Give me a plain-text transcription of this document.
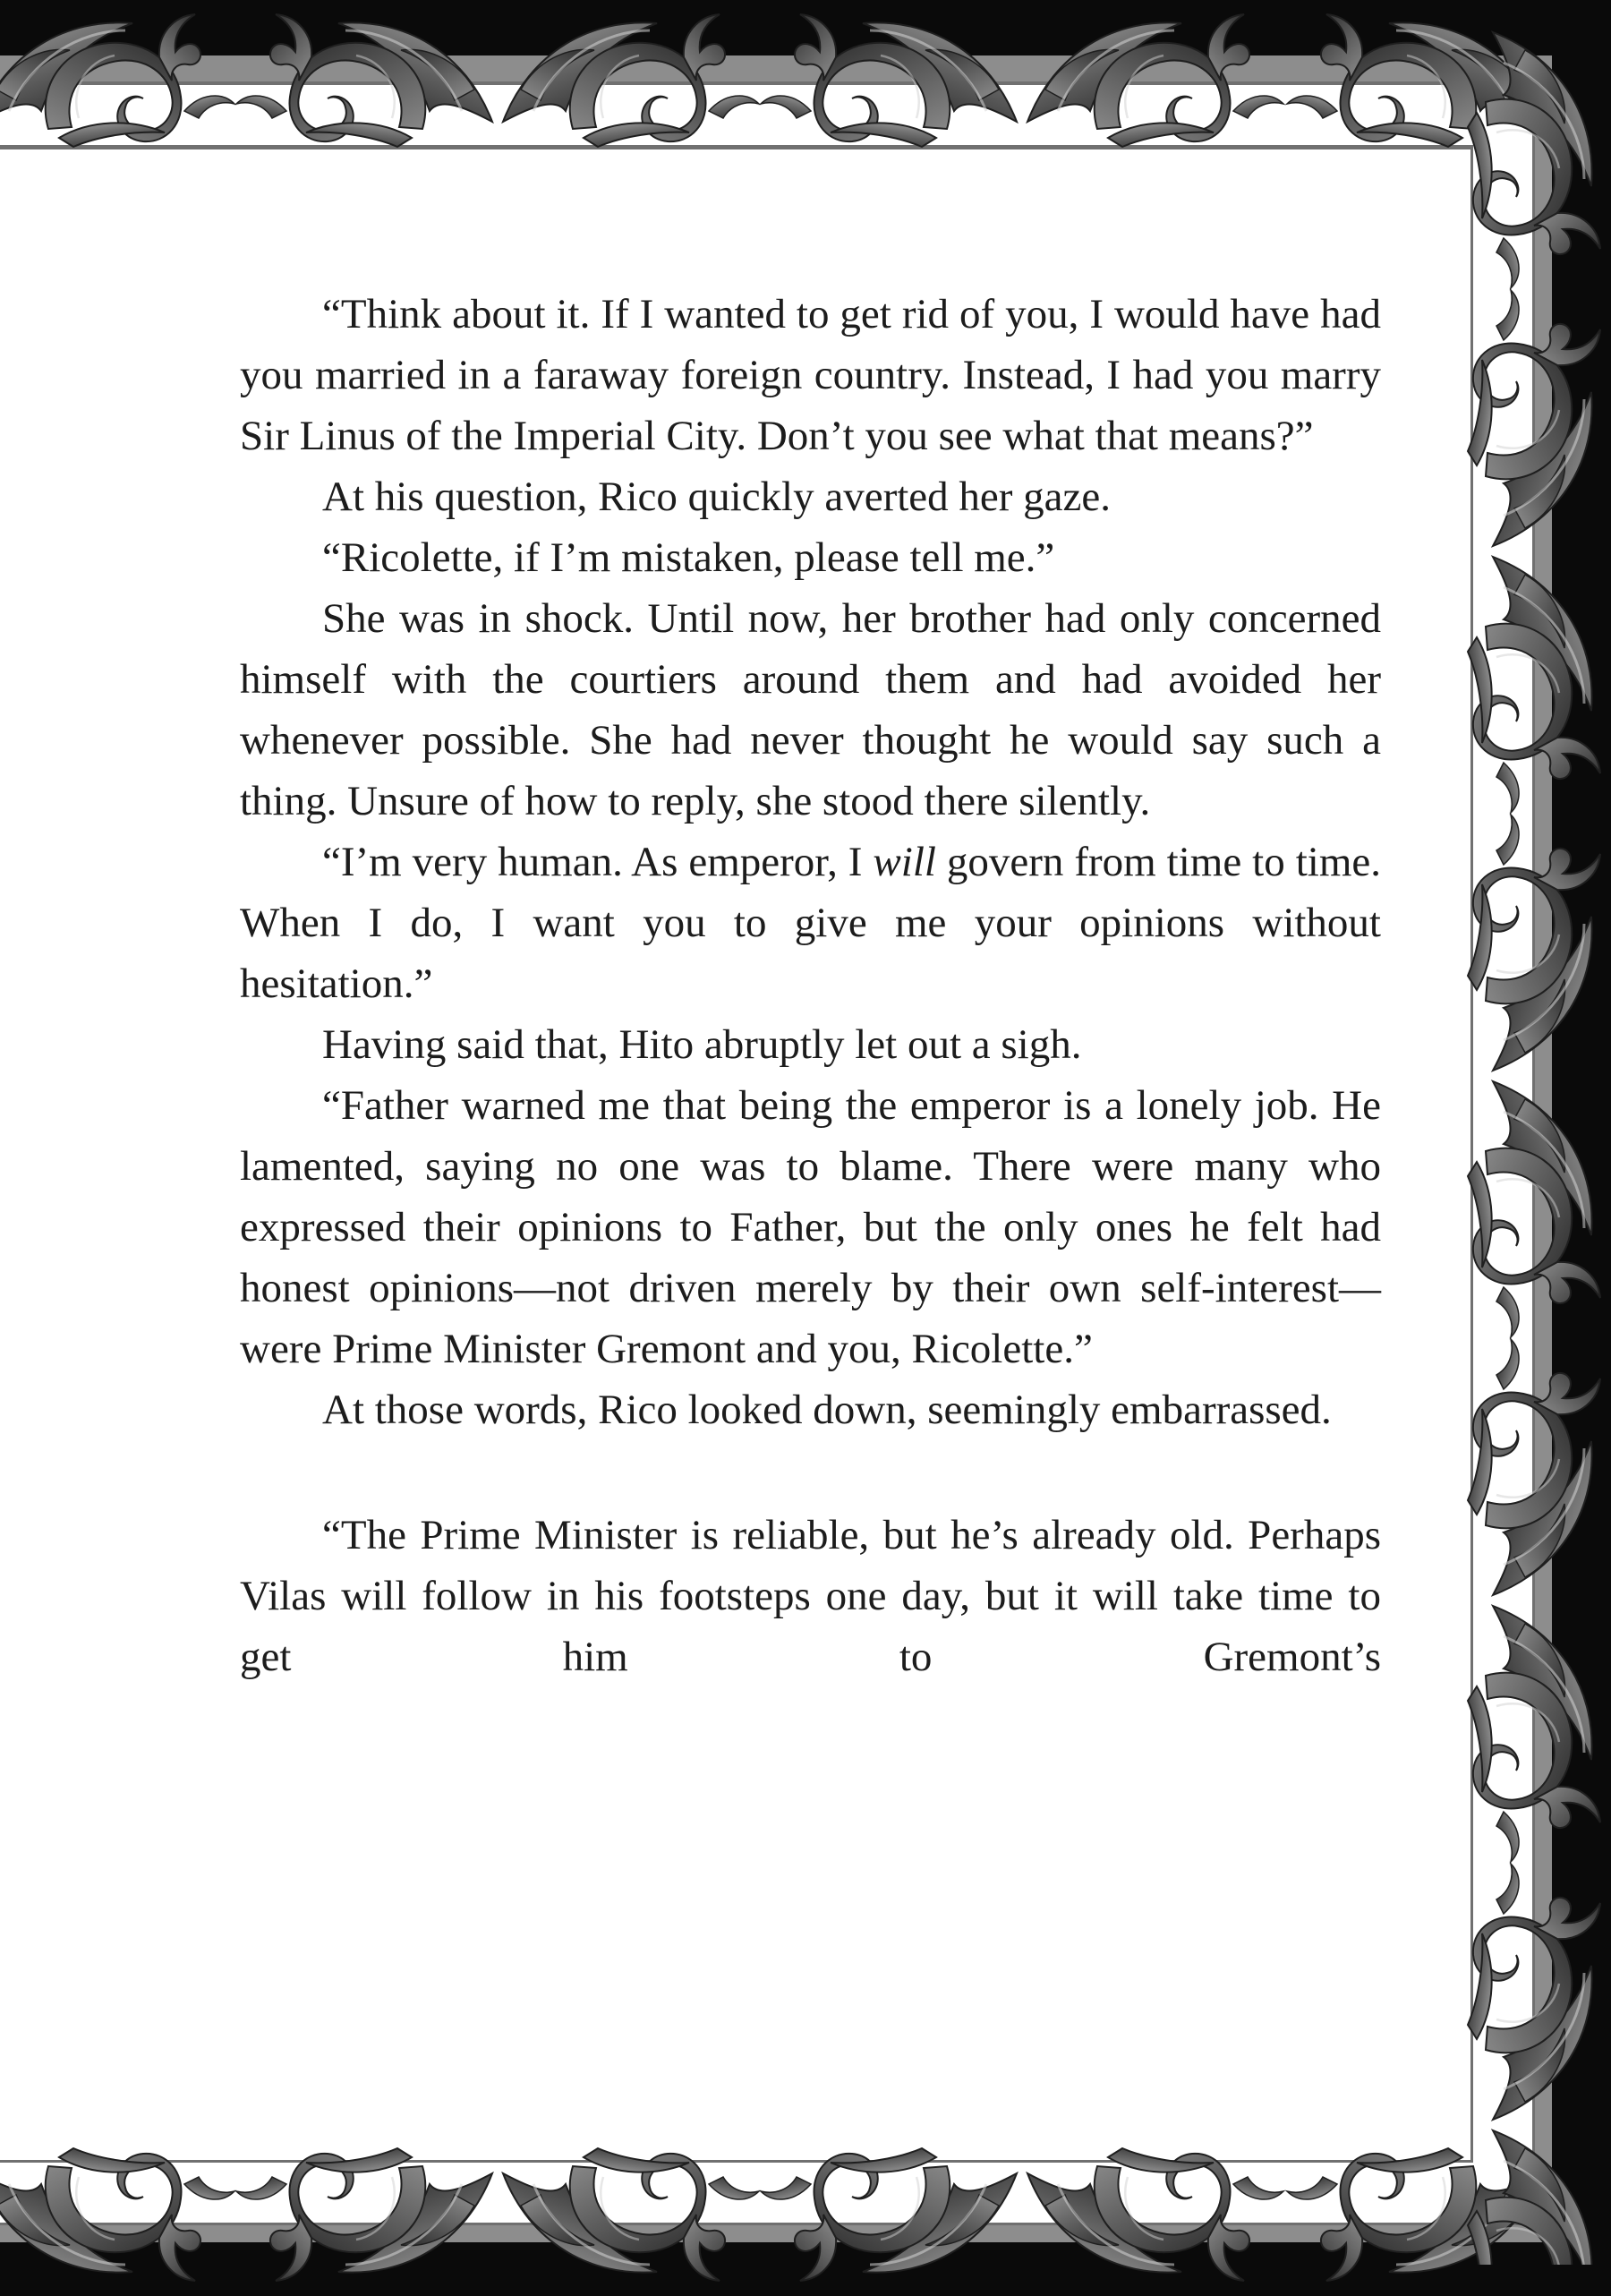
“Think about it. If I wanted to get rid of you, I would have had you married in a faraway foreign country. Instead, I had you marry Sir Linus of the Imperial City. Don’t you see what that means?”

At his question, Rico quickly averted her gaze.

“Ricolette, if I’m mistaken, please tell me.”

She was in shock. Until now, her brother had only concerned himself with the courtiers around them and had avoided her whenever possible. She had never thought he would say such a thing. Unsure of how to reply, she stood there silently.

“I’m very human. As emperor, I will govern from time to time. When I do, I want you to give me your opinions without hesitation.”

Having said that, Hito abruptly let out a sigh.

“Father warned me that being the emperor is a lonely job. He lamented, saying no one was to blame. There were many who expressed their opinions to Father, but the only ones he felt had honest opinions—not driven merely by their own self-interest—were Prime Minister Gremont and you, Ricolette.”

At those words, Rico looked down, seemingly embarrassed.

“The Prime Minister is reliable, but he’s already old. Perhaps Vilas will follow in his footsteps one day, but it will take time to get him to Gremont’s
